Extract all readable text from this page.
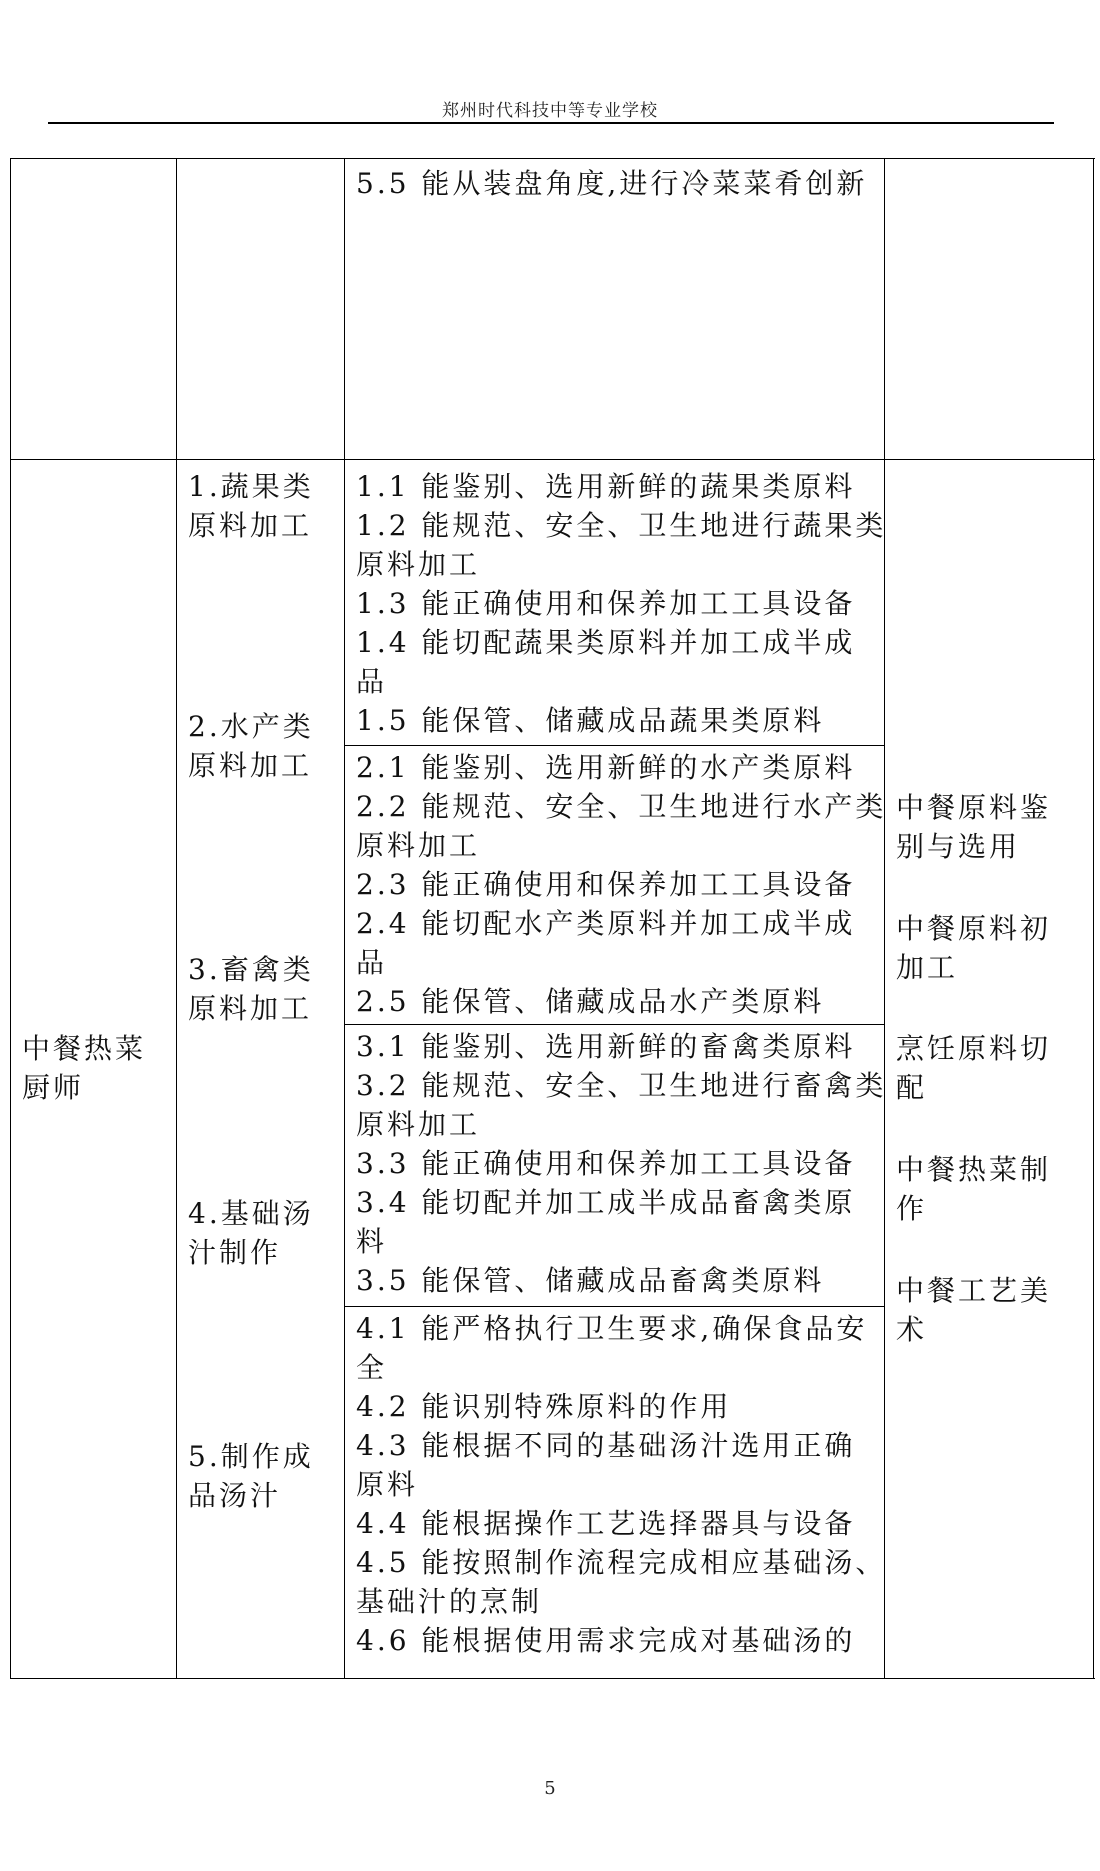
郑州时代科技中等专业学校
5.5 能从装盘角度,进行冷菜菜肴创新
中餐热菜
厨师
1.蔬果类
原料加工
2.水产类
原料加工
3.畜禽类
原料加工
4.基础汤
汁制作
5.制作成
品汤汁
1.1 能鉴别、选用新鲜的蔬果类原料
1.2 能规范、安全、卫生地进行蔬果类
原料加工
1.3 能正确使用和保养加工工具设备
1.4 能切配蔬果类原料并加工成半成
品
1.5 能保管、储藏成品蔬果类原料
2.1 能鉴别、选用新鲜的水产类原料
2.2 能规范、安全、卫生地进行水产类
原料加工
2.3 能正确使用和保养加工工具设备
2.4 能切配水产类原料并加工成半成
品
2.5 能保管、储藏成品水产类原料
3.1 能鉴别、选用新鲜的畜禽类原料
3.2 能规范、安全、卫生地进行畜禽类
原料加工
3.3 能正确使用和保养加工工具设备
3.4 能切配并加工成半成品畜禽类原
料
3.5 能保管、储藏成品畜禽类原料
4.1 能严格执行卫生要求,确保食品安
全
4.2 能识别特殊原料的作用
4.3 能根据不同的基础汤汁选用正确
原料
4.4 能根据操作工艺选择器具与设备
4.5 能按照制作流程完成相应基础汤、
基础汁的烹制
4.6 能根据使用需求完成对基础汤的
中餐原料鉴
别与选用
中餐原料初
加工
烹饪原料切
配
中餐热菜制
作
中餐工艺美
术
5
